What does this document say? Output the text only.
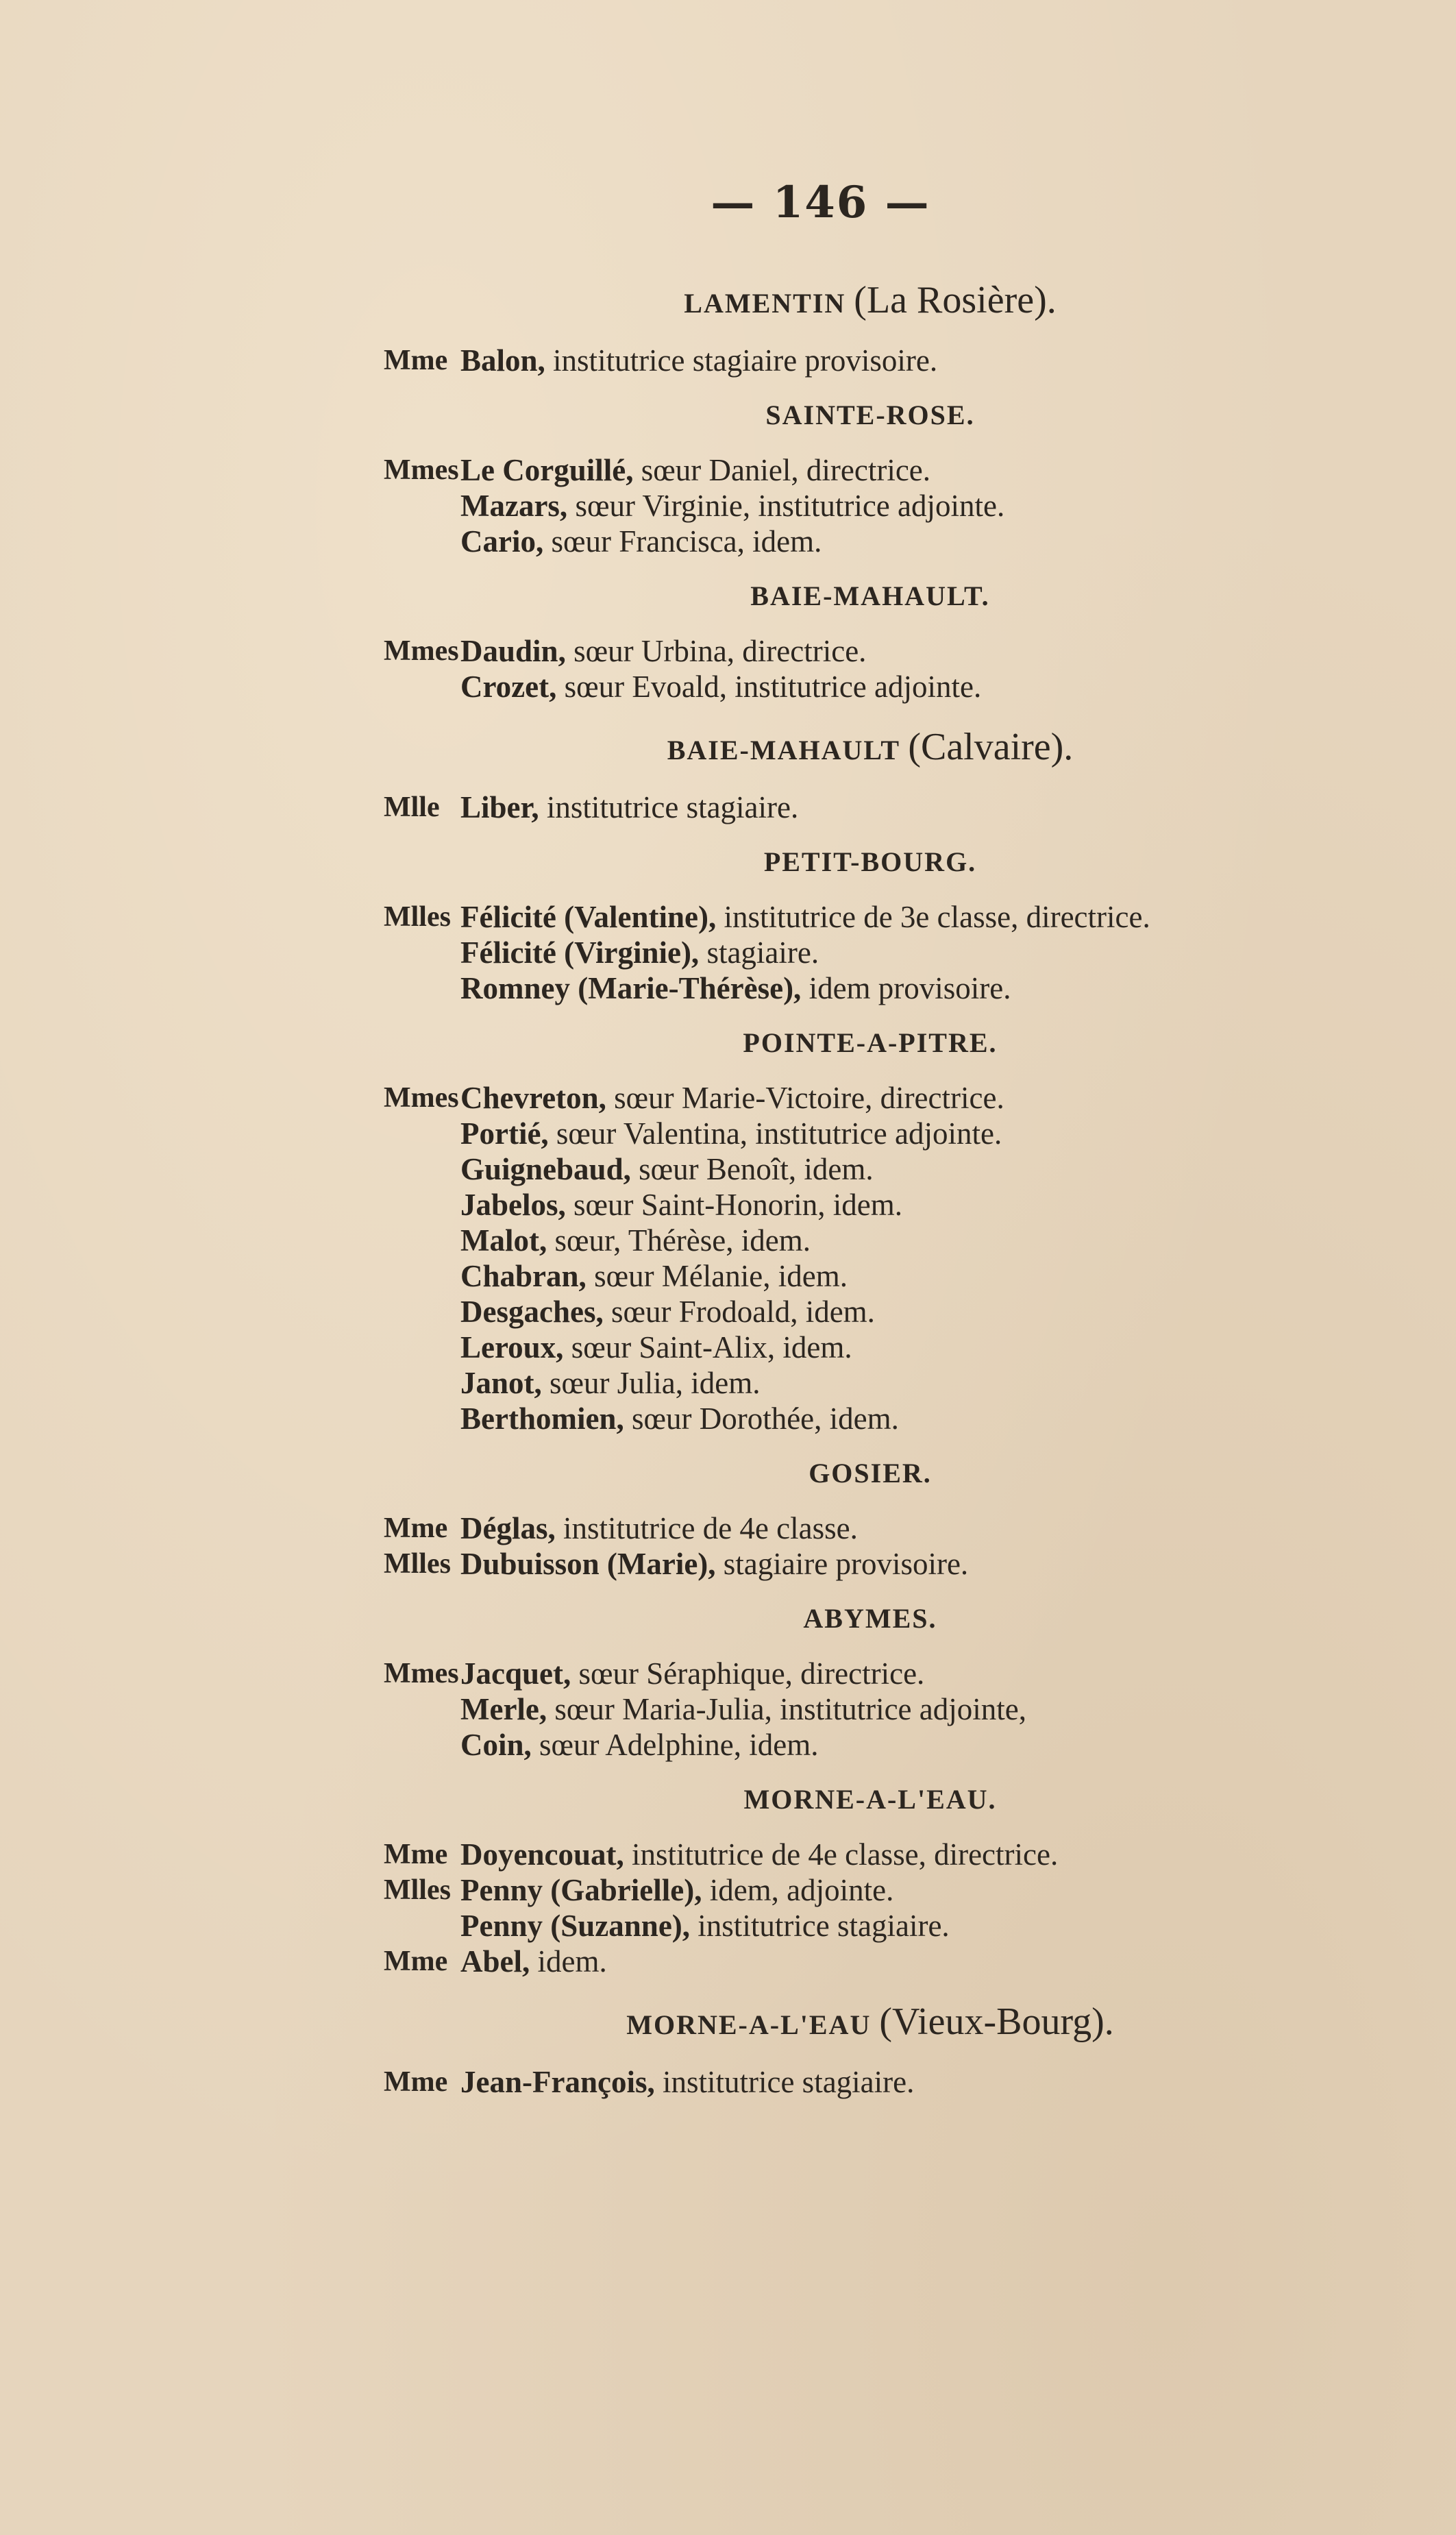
— 146 —
LAMENTIN (La Rosière).
Mme Balon,
institutrice stagiaire provisoire.
SAINTE-ROSE.
Mmes Le Corguillé,
sœur Daniel, directrice.
Mazars,
sœur Virginie, institutrice adjointe.
Cario,
sœur Francisca, idem.
BAIE-MAHAULT.
Mmes Daudin,
sœur Urbina, directrice.
Crozet,
sœur Evoald, institutrice adjointe.
BAIE-MAHAULT (Calvaire).
Mlle Liber,
institutrice stagiaire.
PETIT-BOURG.
Mlles Félicité (Valentine),
institutrice de 3e classe, directrice.
Félicité (Virginie),
stagiaire.
Romney (Marie-Thérèse),
idem provisoire.
POINTE-A-PITRE.
Mmes Chevreton,
sœur Marie-Victoire, directrice.
Portié,
sœur Valentina, institutrice adjointe.
Guignebaud,
sœur Benoît, idem.
Jabelos,
sœur Saint-Honorin, idem.
Malot,
sœur, Thérèse, idem.
Chabran,
sœur Mélanie, idem.
Desgaches,
sœur Frodoald, idem.
Leroux,
sœur Saint-Alix, idem.
Janot,
sœur Julia, idem.
Berthomien,
sœur Dorothée, idem.
GOSIER.
Mme Déglas,
institutrice de 4e classe.
Mlles Dubuisson (Marie),
stagiaire provisoire.
ABYMES.
Mmes Jacquet,
sœur Séraphique, directrice.
Merle,
sœur Maria-Julia, institutrice adjointe,
Coin,
sœur Adelphine, idem.
MORNE-A-L'EAU.
Mme Doyencouat,
institutrice de 4e classe, directrice.
Mlles Penny (Gabrielle),
idem, adjointe.
Penny (Suzanne),
institutrice stagiaire.
Mme Abel,
idem.
MORNE-A-L'EAU (Vieux-Bourg).
Mme Jean-François,
institutrice stagiaire.
